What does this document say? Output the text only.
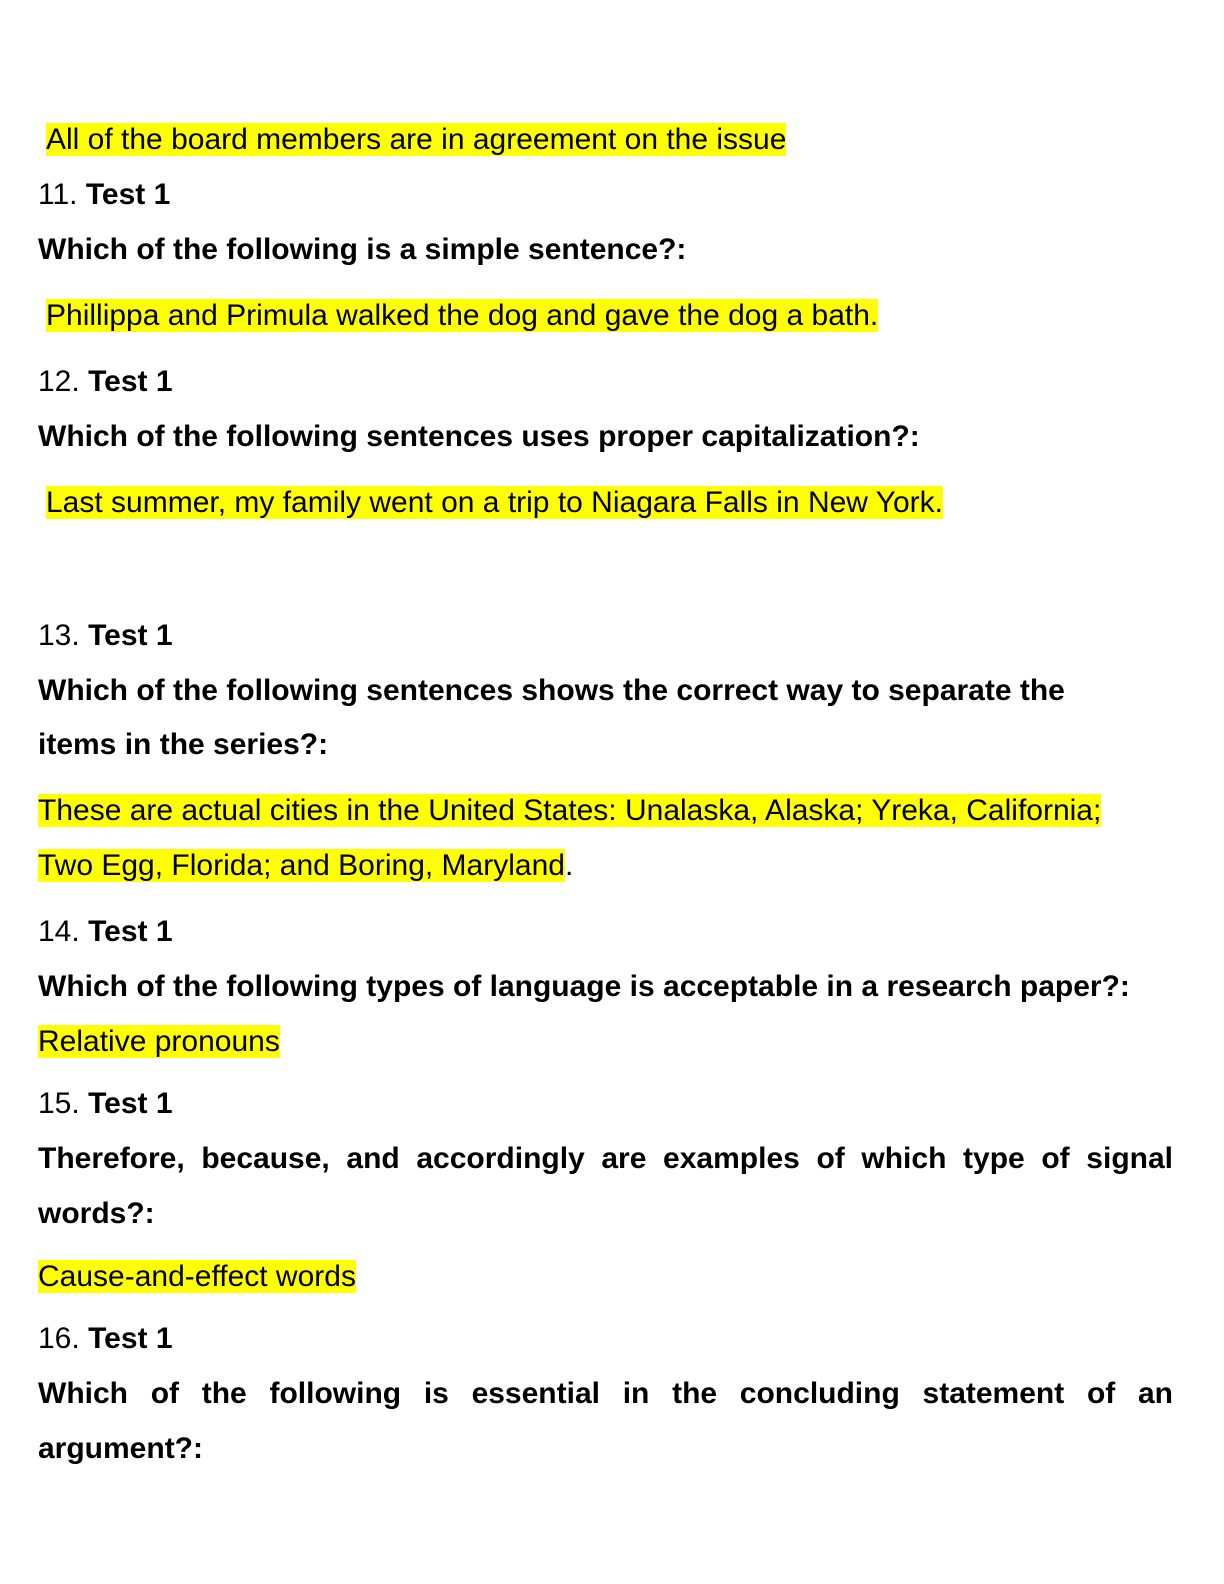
All of the board members are in agreement on the issue

11. Test 1

Which of the following is a simple sentence?:

Phillippa and Primula walked the dog and gave the dog a bath.

12. Test 1

Which of the following sentences uses proper capitalization?:

Last summer, my family went on a trip to Niagara Falls in New York.

13. Test 1

Which of the following sentences shows the correct way to separate the

items in the series?:

These are actual cities in the United States: Unalaska, Alaska; Yreka, California;

Two Egg, Florida; and Boring, Maryland.

14. Test 1

Which of the following types of language is acceptable in a research paper?:

Relative pronouns

15. Test 1

Therefore, because, and accordingly are examples of which type of signal

words?:

Cause-and-effect words

16. Test 1

Which of the following is essential in the concluding statement of an

argument?:
